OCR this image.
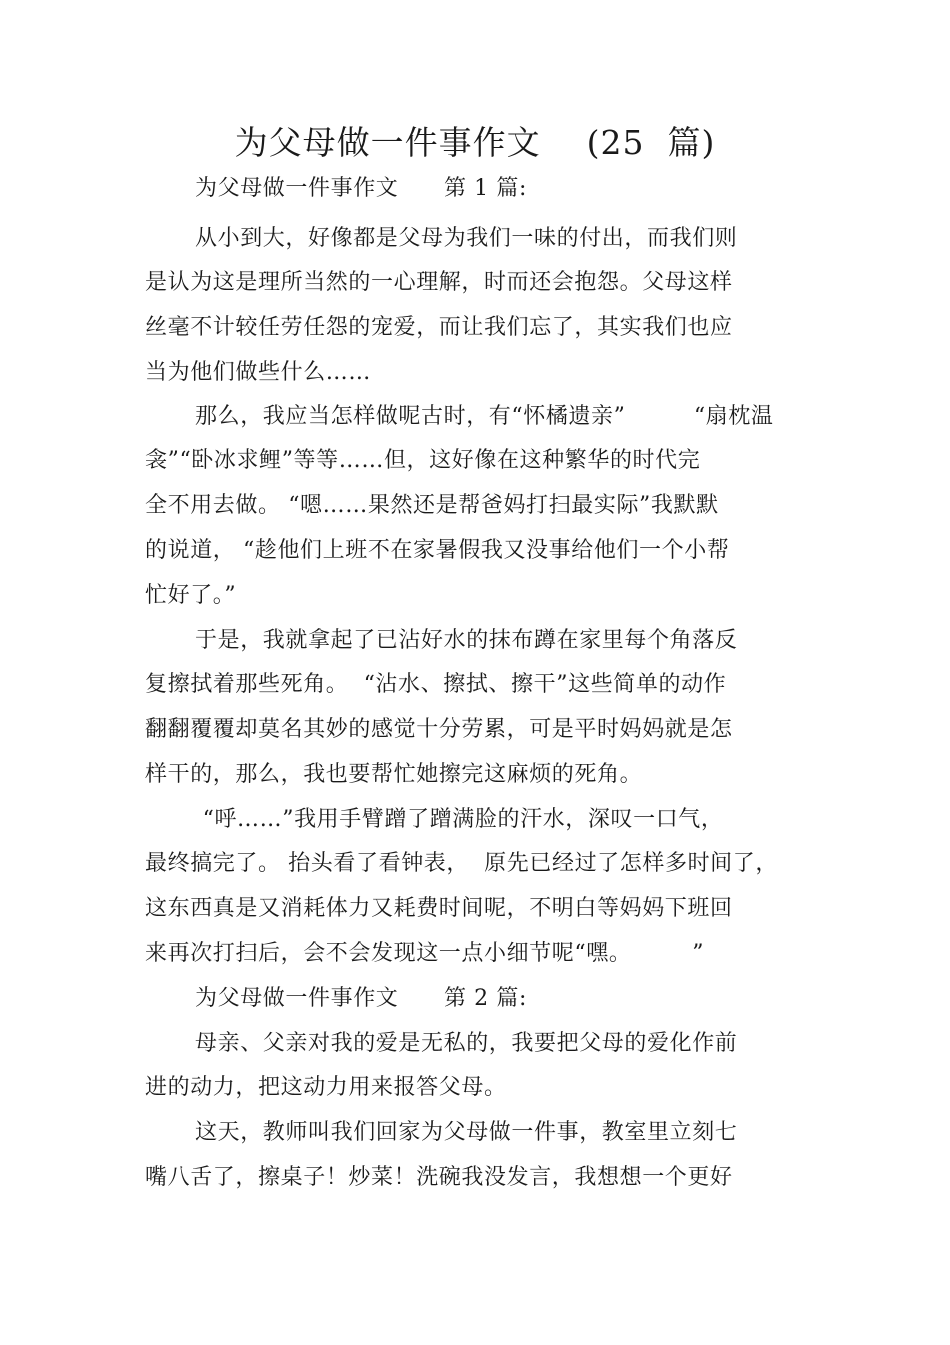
为父母做一件事作文    (25  篇)
为父母做一件事作文      第 1 篇:
从小到大，好像都是父母为我们一味的付出，而我们则
是认为这是理所当然的一心理解，时而还会抱怨。父母这样
丝毫不计较任劳任怨的宠爱，而让我们忘了，其实我们也应
当为他们做些什么……
那么，我应当怎样做呢古时，有“怀橘遗亲”         “扇枕温
衾”“卧冰求鲤”等等……但，这好像在这种繁华的时代完
全不用去做。 “嗯……果然还是帮爸妈打扫最实际”我默默
的说道， “趁他们上班不在家暑假我又没事给他们一个小帮
忙好了。”
于是，我就拿起了已沾好水的抹布蹲在家里每个角落反
复擦拭着那些死角。  “沾水、擦拭、擦干”这些简单的动作
翻翻覆覆却莫名其妙的感觉十分劳累，可是平时妈妈就是怎
样干的，那么，我也要帮忙她擦完这麻烦的死角。
“呼……”我用手臂蹭了蹭满脸的汗水，深叹一口气，
最终搞完了。 抬头看了看钟表，  原先已经过了怎样多时间了，
这东西真是又消耗体力又耗费时间呢，不明白等妈妈下班回
来再次打扫后，会不会发现这一点小细节呢“嘿。        ”
为父母做一件事作文      第 2 篇:
母亲、父亲对我的爱是无私的，我要把父母的爱化作前
进的动力，把这动力用来报答父母。
这天，教师叫我们回家为父母做一件事，教室里立刻七
嘴八舌了，擦桌子！炒菜！洗碗我没发言，我想想一个更好
